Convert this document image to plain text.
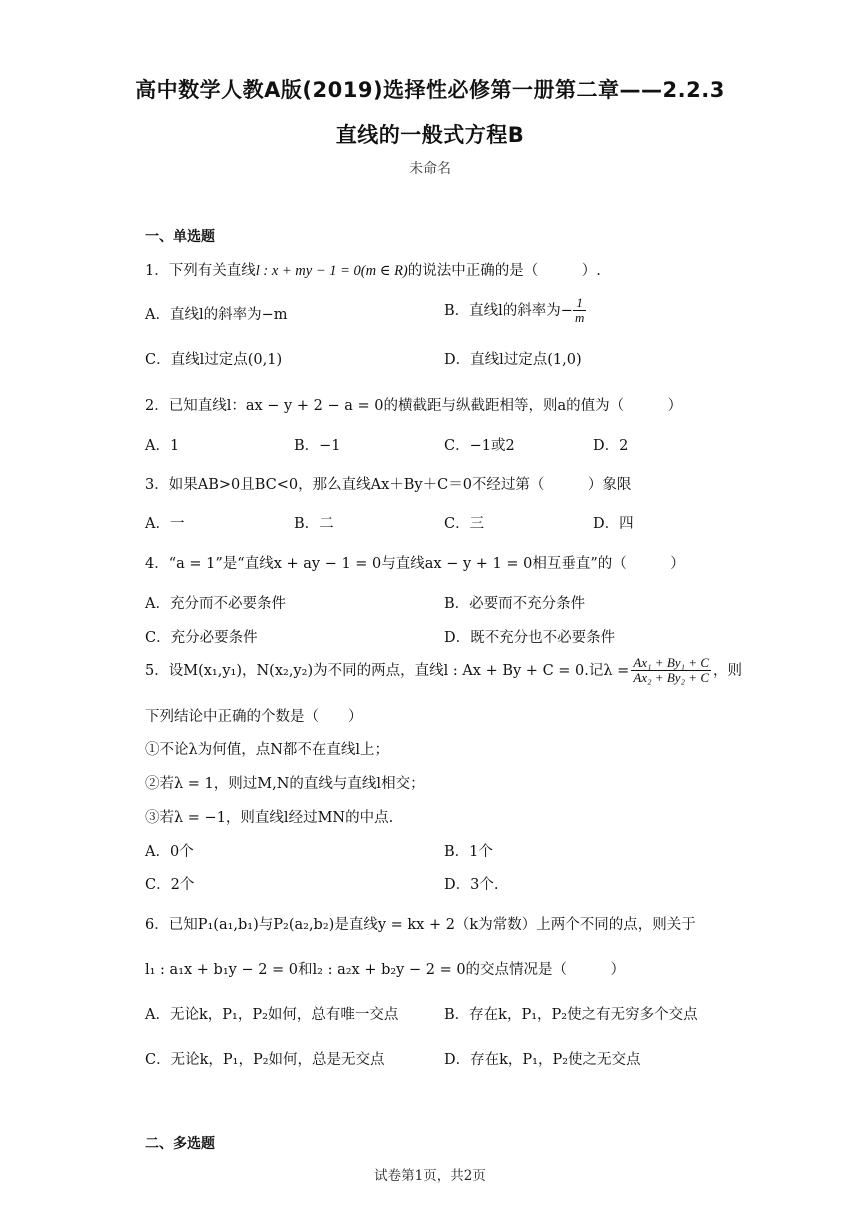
高中数学人教A版(2019)选择性必修第一册第二章——2.2.3
直线的一般式方程B
未命名
一、单选题
1．下列有关直线l : x + my − 1 = 0(m ∈ R)的说法中正确的是（　　　）.
A．直线l的斜率为−m	B．直线l的斜率为− $\frac{1}{m}$
C．直线l过定点(0,1)	D．直线l过定点(1,0)
2．已知直线l：ax − y + 2 − a = 0的横截距与纵截距相等，则a的值为（　　　）
A．1	B．−1	C．−1或2	D．2
3．如果AB>0且BC<0，那么直线Ax＋By＋C＝0不经过第（　　　）象限
A．一	B．二	C．三	D．四
4．“a = 1”是“直线x + ay − 1 = 0与直线ax − y + 1 = 0相互垂直”的（　　　）
A．充分而不必要条件	B．必要而不充分条件
C．充分必要条件	D．既不充分也不必要条件
5．设M(x₁,y₁)，N(x₂,y₂)为不同的两点，直线l : Ax + By + C = 0.记$\lambda = \frac{\text{Ax₁ + By₁ + C}}{\text{Ax₂ + By₂ + C}}$ ，则
下列结论中正确的个数是（　　）
①不论λ为何值，点N都不在直线l上；
②若λ = 1，则过M,N的直线与直线l相交；
③若λ = −1，则直线l经过MN的中点.
A．0个	B．1个
C．2个	D．3个.
6．已知P₁(a₁,b₁)与P₂(a₂,b₂)是直线y = kx + 2（k为常数）上两个不同的点，则关于
l₁ : a₁x + b₁y − 2 = 0和l₂ : a₂x + b₂y − 2 = 0的交点情况是（　　　）
A．无论k，P₁，P₂如何，总有唯一交点	B．存在k，P₁，P₂使之有无穷多个交点
C．无论k，P₁，P₂如何，总是无交点	D．存在k，P₁，P₂使之无交点
二、多选题
试卷第1页，共2页
